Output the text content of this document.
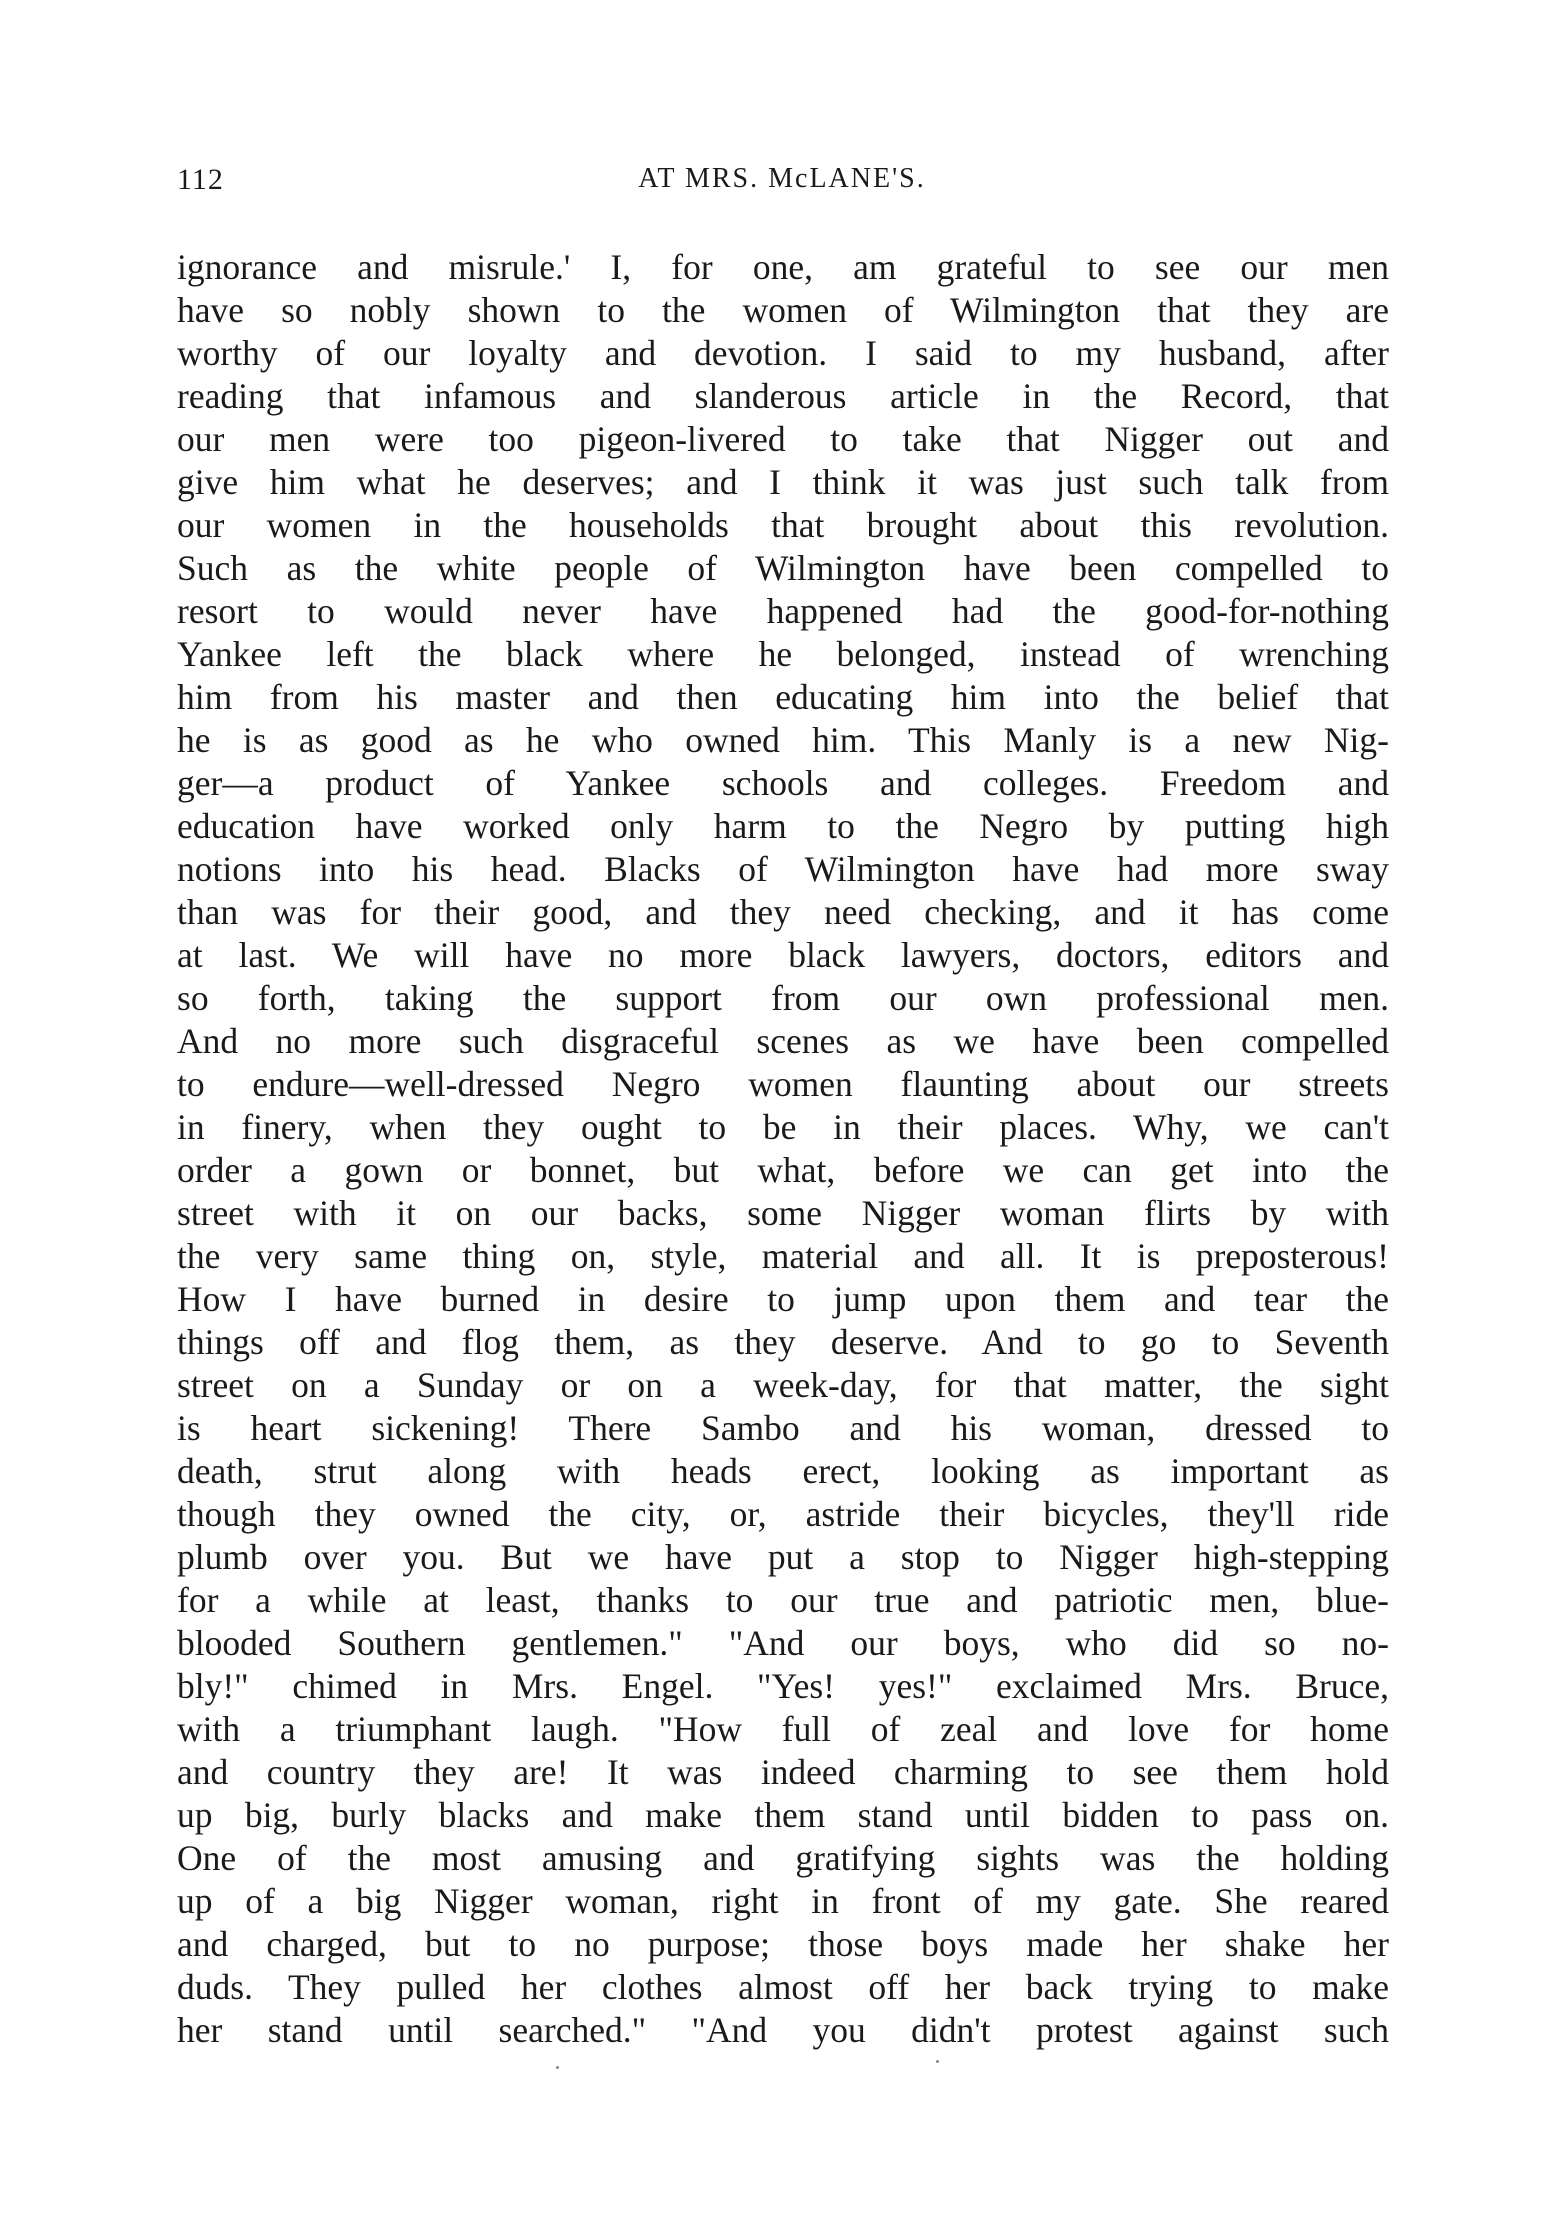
112	AT MRS. McLANE'S.
ignorance and misrule.' I, for one, am grateful to see our men
have so nobly shown to the women of Wilmington that they are
worthy of our loyalty and devotion. I said to my husband, after
reading that infamous and slanderous article in the Record, that
our men were too pigeon-livered to take that Nigger out and
give him what he deserves; and I think it was just such talk from
our women in the households that brought about this revolution.
Such as the white people of Wilmington have been compelled to
resort to would never have happened had the good-for-nothing
Yankee left the black where he belonged, instead of wrenching
him from his master and then educating him into the belief that
he is as good as he who owned him. This Manly is a new Nig-
ger—a product of Yankee schools and colleges. Freedom and
education have worked only harm to the Negro by putting high
notions into his head. Blacks of Wilmington have had more sway
than was for their good, and they need checking, and it has come
at last. We will have no more black lawyers, doctors, editors and
so forth, taking the support from our own professional men.
And no more such disgraceful scenes as we have been compelled
to endure—well-dressed Negro women flaunting about our streets
in finery, when they ought to be in their places. Why, we can't
order a gown or bonnet, but what, before we can get into the
street with it on our backs, some Nigger woman flirts by with
the very same thing on, style, material and all. It is preposterous!
How I have burned in desire to jump upon them and tear the
things off and flog them, as they deserve. And to go to Seventh
street on a Sunday or on a week-day, for that matter, the sight
is heart sickening! There Sambo and his woman, dressed to
death, strut along with heads erect, looking as important as
though they owned the city, or, astride their bicycles, they'll ride
plumb over you. But we have put a stop to Nigger high-stepping
for a while at least, thanks to our true and patriotic men, blue-
blooded Southern gentlemen." "And our boys, who did so no-
bly!" chimed in Mrs. Engel. "Yes! yes!" exclaimed Mrs. Bruce,
with a triumphant laugh. "How full of zeal and love for home
and country they are! It was indeed charming to see them hold
up big, burly blacks and make them stand until bidden to pass on.
One of the most amusing and gratifying sights was the holding
up of a big Nigger woman, right in front of my gate. She reared
and charged, but to no purpose; those boys made her shake her
duds. They pulled her clothes almost off her back trying to make
her stand until searched." "And you didn't protest against such
